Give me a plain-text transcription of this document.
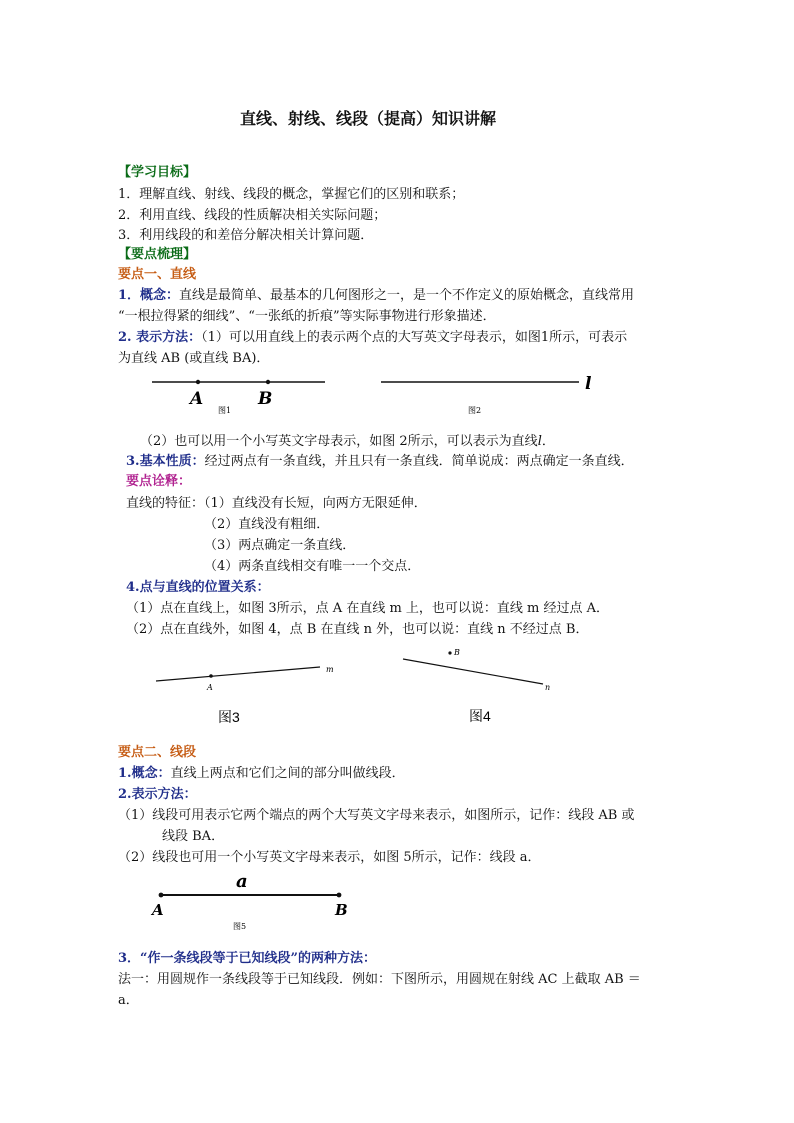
直线、射线、线段（提高）知识讲解
【学习目标】
1．理解直线、射线、线段的概念，掌握它们的区别和联系；
2．利用直线、线段的性质解决相关实际问题；
3．利用线段的和差倍分解决相关计算问题．
【要点梳理】
要点一、直线
1．概念：直线是最简单、最基本的几何图形之一，是一个不作定义的原始概念，直线常用
“一根拉得紧的细线”、“一张纸的折痕”等实际事物进行形象描述．
2. 表示方法：（1）可以用直线上的表示两个点的大写英文字母表示，如图1所示，可表示
为直线 AB (或直线 BA)．
A	B
图1
l
图2
（2）也可以用一个小写英文字母表示，如图 2所示，可以表示为直线l．
3.基本性质：经过两点有一条直线，并且只有一条直线．简单说成：两点确定一条直线．
要点诠释：
直线的特征：（1）直线没有长短，向两方无限延伸．
（2）直线没有粗细．
（3）两点确定一条直线．
（4）两条直线相交有唯一一个交点．
4.点与直线的位置关系：
（1）点在直线上，如图 3所示，点 A 在直线 m 上，也可以说：直线 m 经过点 A．
（2）点在直线外，如图 4，点 B 在直线 n 外，也可以说：直线 n 不经过点 B．
A
m
图3
B
n
图4
要点二、线段
1.概念：直线上两点和它们之间的部分叫做线段．
2.表示方法：
（1）线段可用表示它两个端点的两个大写英文字母来表示，如图所示，记作：线段 AB 或
线段 BA．
（2）线段也可用一个小写英文字母来表示，如图 5所示，记作：线段 a．
a
A	B
图5
3．“作一条线段等于已知线段”的两种方法：
法一：用圆规作一条线段等于已知线段．例如：下图所示，用圆规在射线 AC 上截取 AB ＝
a．
